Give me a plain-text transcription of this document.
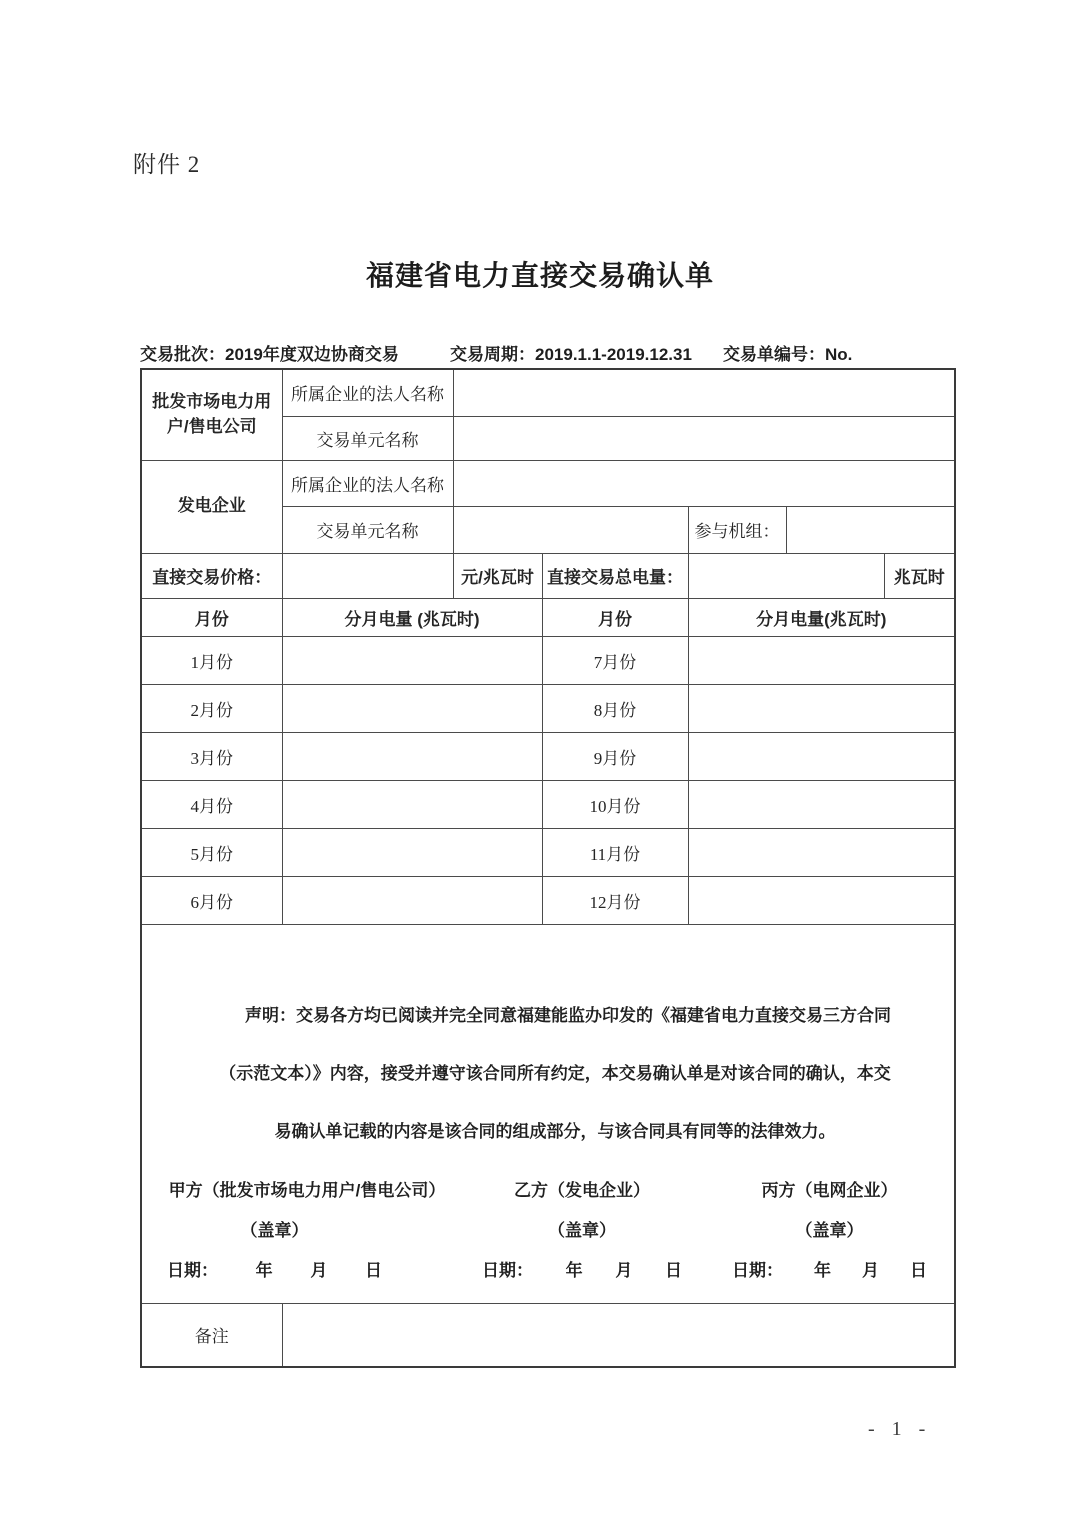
附件 2
福建省电力直接交易确认单
交易批次：2019年度双边协商交易	交易周期：2019.1.1-2019.12.31 交易单编号：No.
批发市场电力用户/售电公司	所属企业的法人名称					
	交易单元名称					
发电企业	所属企业的法人名称					
	交易单元名称			参与机组：		
直接交易价格：		元/兆瓦时	直接交易总电量：			兆瓦时
月份	分月电量 (兆瓦时)		月份	分月电量(兆瓦时)		
1月份			7月份			
2月份			8月份			
3月份			9月份			
4月份			10月份			
5月份			11月份			
6月份			12月份			

声明：交易各方均已阅读并完全同意福建能监办印发的《福建省电力直接交易三方合同
（示范文本）》内容，接受并遵守该合同所有约定，本交易确认单是对该合同的确认，本交
易确认单记载的内容是该合同的组成部分，与该合同具有同等的法律效力。
甲方（批发市场电力用户/售电公司）
（盖章）
日期： 年 月 日
乙方（发电企业）
（盖章）
日期： 年 月 日
丙方（电网企业）
（盖章）
日期： 年 月 日

备注						
- 1 -
